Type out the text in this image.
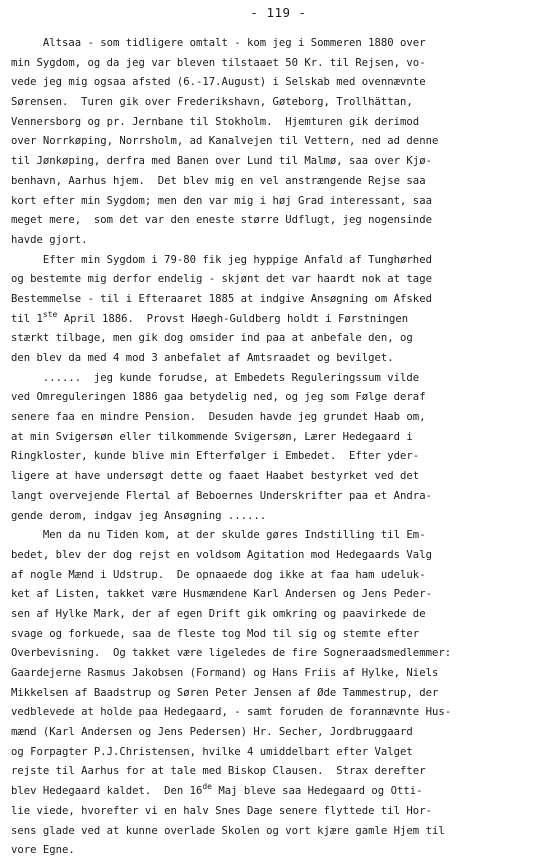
- 119 -
Altsaa - som tidligere omtalt - kom jeg i Sommeren 1880 over
min Sygdom, og da jeg var bleven tilstaaet 50 Kr. til Rejsen, vo-
vede jeg mig ogsaa afsted (6.-17.August) i Selskab med ovennævnte
Sørensen.  Turen gik over Frederikshavn, Gøteborg, Trollhättan,
Vennersborg og pr. Jernbane til Stokholm.  Hjemturen gik derimod
over Norrkøping, Norrsholm, ad Kanalvejen til Vettern, ned ad denne
til Jønkøping, derfra med Banen over Lund til Malmø, saa over Kjø-
benhavn, Aarhus hjem.  Det blev mig en vel anstrængende Rejse saa
kort efter min Sygdom; men den var mig i høj Grad interessant, saa
meget mere,  som det var den eneste større Udflugt, jeg nogensinde
havde gjort.
Efter min Sygdom i 79-80 fik jeg hyppige Anfald af Tunghørhed
og bestemte mig derfor endelig - skjønt det var haardt nok at tage
Bestemmelse - til i Efteraaret 1885 at indgive Ansøgning om Afsked
til 1ste April 1886.  Provst Høegh-Guldberg holdt i Førstningen
stærkt tilbage, men gik dog omsider ind paa at anbefale den, og
den blev da med 4 mod 3 anbefalet af Amtsraadet og bevilget.
......  jeg kunde forudse, at Embedets Reguleringssum vilde
ved Omreguleringen 1886 gaa betydelig ned, og jeg som Følge deraf
senere faa en mindre Pension.  Desuden havde jeg grundet Haab om,
at min Svigersøn eller tilkommende Svigersøn, Lærer Hedegaard i
Ringkloster, kunde blive min Efterfølger i Embedet.  Efter yder-
ligere at have undersøgt dette og faaet Haabet bestyrket ved det
langt overvejende Flertal af Beboernes Underskrifter paa et Andra-
gende derom, indgav jeg Ansøgning ......
Men da nu Tiden kom, at der skulde gøres Indstilling til Em-
bedet, blev der dog rejst en voldsom Agitation mod Hedegaards Valg
af nogle Mænd i Udstrup.  De opnaaede dog ikke at faa ham udeluk-
ket af Listen, takket være Husmændene Karl Andersen og Jens Peder-
sen af Hylke Mark, der af egen Drift gik omkring og paavirkede de
svage og forkuede, saa de fleste tog Mod til sig og stemte efter
Overbevisning.  Og takket være ligeledes de fire Sogneraadsmedlemmer:
Gaardejerne Rasmus Jakobsen (Formand) og Hans Friis af Hylke, Niels
Mikkelsen af Baadstrup og Søren Peter Jensen af Øde Tammestrup, der
vedblevede at holde paa Hedegaard, - samt foruden de forannævnte Hus-
mænd (Karl Andersen og Jens Pedersen) Hr. Secher, Jordbruggaard
og Forpagter P.J.Christensen, hvilke 4 umiddelbart efter Valget
rejste til Aarhus for at tale med Biskop Clausen.  Strax derefter
blev Hedegaard kaldet.  Den 16de Maj bleve saa Hedegaard og Otti-
lie viede, hvorefter vi en halv Snes Dage senere flyttede til Hor-
sens glade ved at kunne overlade Skolen og vort kjære gamle Hjem til
vore Egne.
